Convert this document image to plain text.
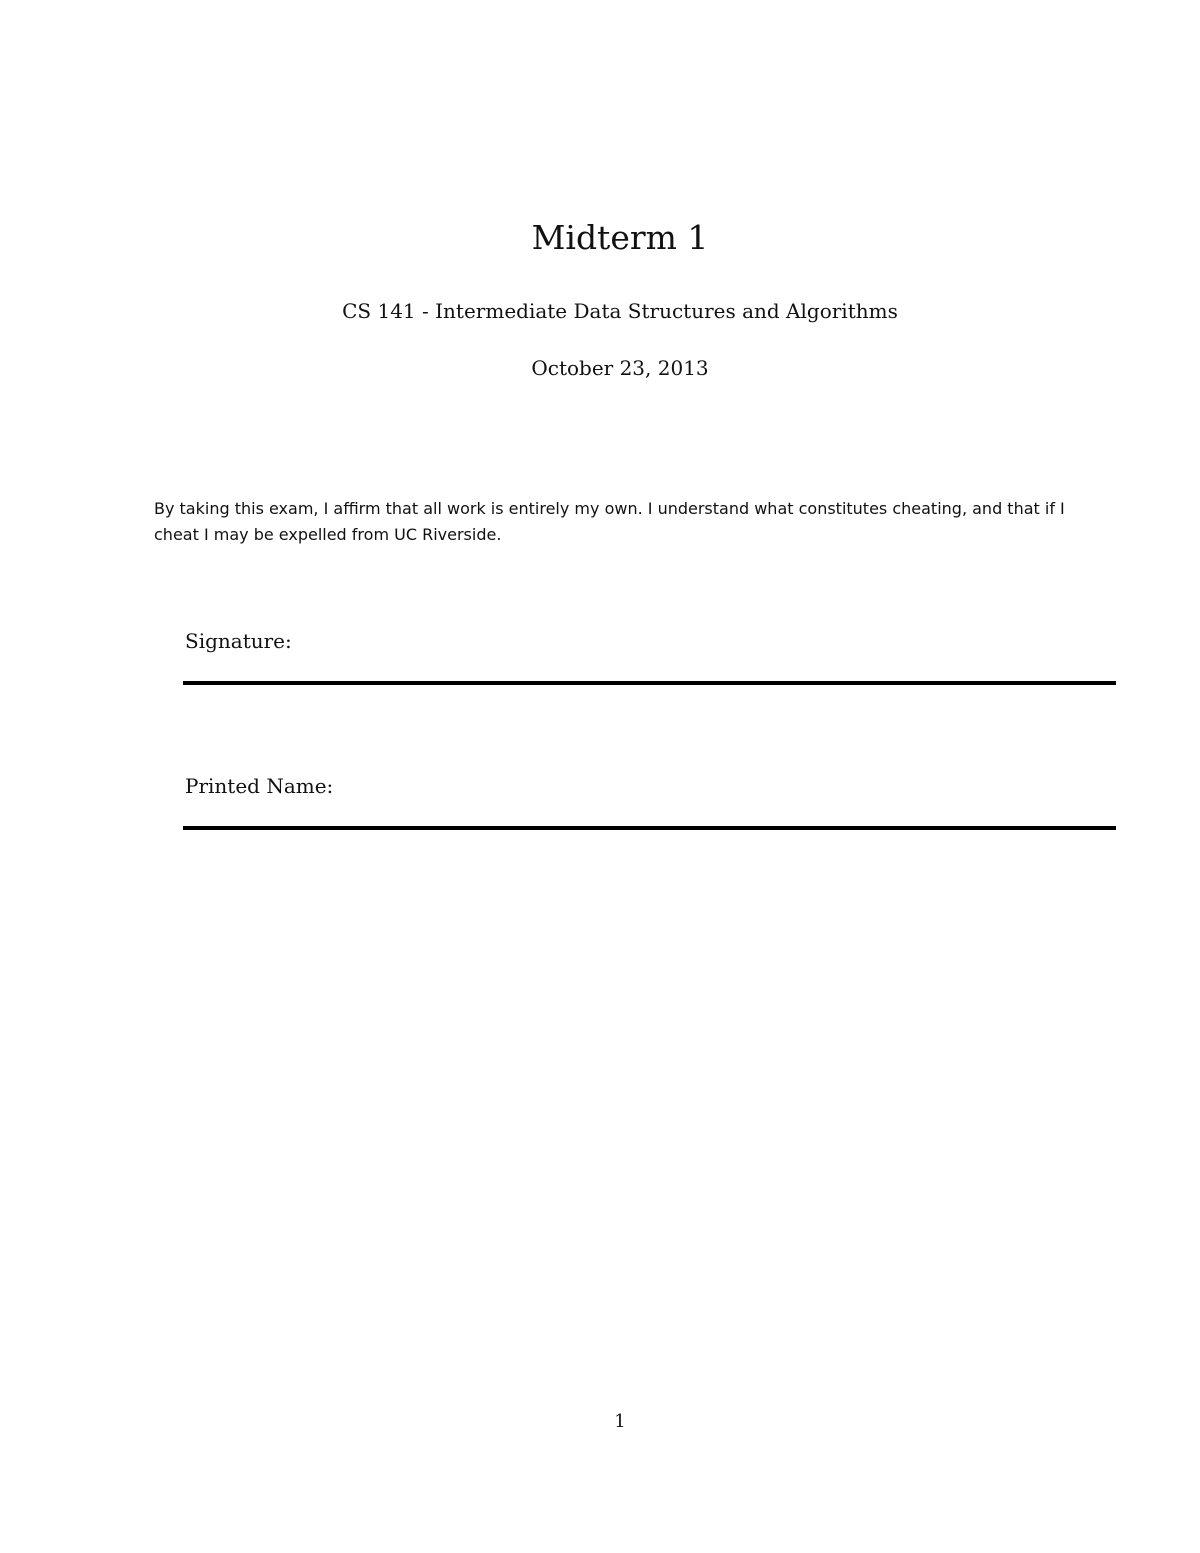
Midterm 1

CS 141 - Intermediate Data Structures and Algorithms

October 23, 2013

By taking this exam, I affirm that all work is entirely my own. I understand what constitutes cheating, and that if I cheat I may be expelled from UC Riverside.

Signature:

Printed Name:

1
